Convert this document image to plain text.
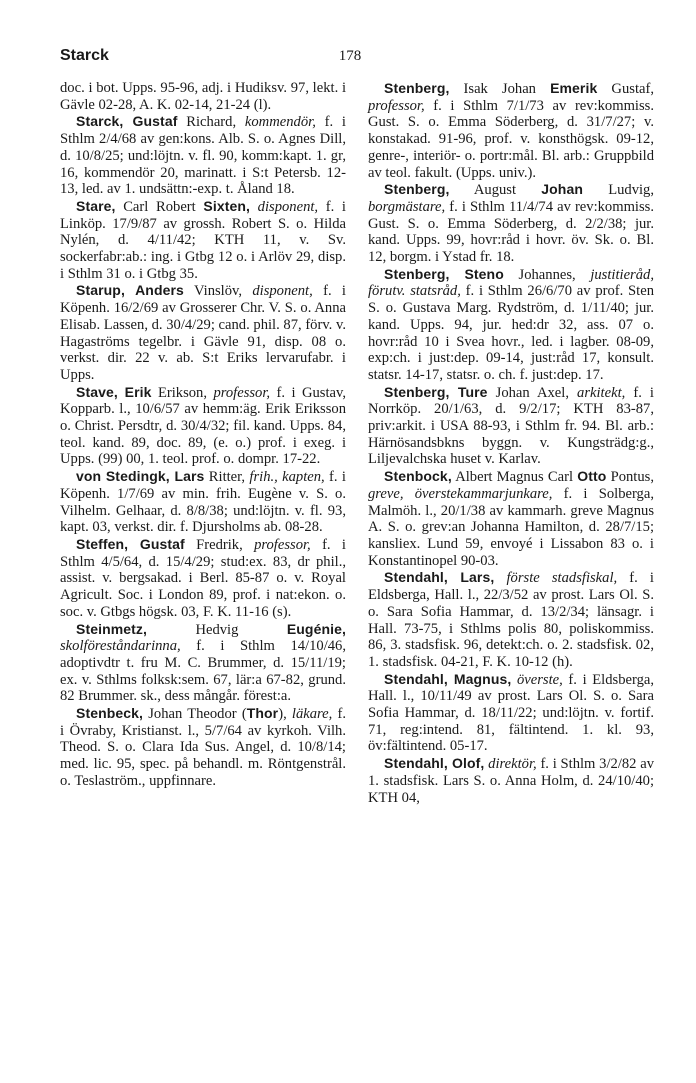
Starck	178

doc. i bot. Upps. 95-96, adj. i Hudiksv. 97, lekt. i Gävle 02-28, A. K. 02-14, 21-24 (l).

Starck, Gustaf Richard, kommendör, f. i Sthlm 2/4/68 av gen:kons. Alb. S. o. Agnes Dill, d. 10/8/25; und:löjtn. v. fl. 90, komm:kapt. 1. gr, 16, kommendör 20, marinatt. i S:t Petersb. 12-13, led. av 1. undsättn:-exp. t. Åland 18.

Stare, Carl Robert Sixten, disponent, f. i Linköp. 17/9/87 av grossh. Robert S. o. Hilda Nylén, d. 4/11/42; KTH 11, v. Sv. sockerfabr:ab.: ing. i Gtbg 12 o. i Arlöv 29, disp. i Sthlm 31 o. i Gtbg 35.

Starup, Anders Vinslöv, disponent, f. i Köpenh. 16/2/69 av Grosserer Chr. V. S. o. Anna Elisab. Lassen, d. 30/4/29; cand. phil. 87, förv. v. Hagaströms tegelbr. i Gävle 91, disp. 08 o. verkst. dir. 22 v. ab. S:t Eriks lervarufabr. i Upps.

Stave, Erik Erikson, professor, f. i Gustav, Kopparb. l., 10/6/57 av hemm:äg. Erik Eriksson o. Christ. Persdtr, d. 30/4/32; fil. kand. Upps. 84, teol. kand. 89, doc. 89, (e. o.) prof. i exeg. i Upps. (99) 00, 1. teol. prof. o. dompr. 17-22.

von Stedingk, Lars Ritter, frih., kapten, f. i Köpenh. 1/7/69 av min. frih. Eugène v. S. o. Vilhelm. Gelhaar, d. 8/8/38; und:löjtn. v. fl. 93, kapt. 03, verkst. dir. f. Djursholms ab. 08-28.

Steffen, Gustaf Fredrik, professor, f. i Sthlm 4/5/64, d. 15/4/29; stud:ex. 83, dr phil., assist. v. bergsakad. i Berl. 85-87 o. v. Royal Agricult. Soc. i London 89, prof. i nat:ekon. o. soc. v. Gtbgs högsk. 03, F. K. 11-16 (s).

Steinmetz, Hedvig Eugénie, skolföreståndarinna, f. i Sthlm 14/10/46, adoptivdtr t. fru M. C. Brummer, d. 15/11/19; ex. v. Sthlms folksk:sem. 67, lär:a 67-82, grund. 82 Brummer. sk., dess mångår. förest:a.

Stenbeck, Johan Theodor (Thor), läkare, f. i Övraby, Kristianst. l., 5/7/64 av kyrkoh. Vilh. Theod. S. o. Clara Ida Sus. Angel, d. 10/8/14; med. lic. 95, spec. på behandl. m. Röntgenstrål. o. Teslaström., uppfinnare.

Stenberg, Isak Johan Emerik Gustaf, professor, f. i Sthlm 7/1/73 av rev:kommiss. Gust. S. o. Emma Söderberg, d. 31/7/27; v. konstakad. 91-96, prof. v. konsthögsk. 09-12, genre-, interiör- o. portr:mål. Bl. arb.: Gruppbild av teol. fakult. (Upps. univ.).

Stenberg, August Johan Ludvig, borgmästare, f. i Sthlm 11/4/74 av rev:kommiss. Gust. S. o. Emma Söderberg, d. 2/2/38; jur. kand. Upps. 99, hovr:råd i hovr. öv. Sk. o. Bl. 12, borgm. i Ystad fr. 18.

Stenberg, Steno Johannes, justitieråd, förutv. statsråd, f. i Sthlm 26/6/70 av prof. Sten S. o. Gustava Marg. Rydström, d. 1/11/40; jur. kand. Upps. 94, jur. hed:dr 32, ass. 07 o. hovr:råd 10 i Svea hovr., led. i lagber. 08-09, exp:ch. i just:dep. 09-14, just:råd 17, konsult. statsr. 14-17, statsr. o. ch. f. just:dep. 17.

Stenberg, Ture Johan Axel, arkitekt, f. i Norrköp. 20/1/63, d. 9/2/17; KTH 83-87, priv:arkit. i USA 88-93, i Sthlm fr. 94. Bl. arb.: Härnösandsbkns byggn. v. Kungsträdg:g., Liljevalchska huset v. Karlav.

Stenbock, Albert Magnus Carl Otto Pontus, greve, överstekammarjunkare, f. i Solberga, Malmöh. l., 20/1/38 av kammarh. greve Magnus A. S. o. grev:an Johanna Hamilton, d. 28/7/15; kansliex. Lund 59, envoyé i Lissabon 83 o. i Konstantinopel 90-03.

Stendahl, Lars, förste stadsfiskal, f. i Eldsberga, Hall. l., 22/3/52 av prost. Lars Ol. S. o. Sara Sofia Hammar, d. 13/2/34; länsagr. i Hall. 73-75, i Sthlms polis 80, poliskommiss. 86, 3. stadsfisk. 96, detekt:ch. o. 2. stadsfisk. 02, 1. stadsfisk. 04-21, F. K. 10-12 (h).

Stendahl, Magnus, överste, f. i Eldsberga, Hall. l., 10/11/49 av prost. Lars Ol. S. o. Sara Sofia Hammar, d. 18/11/22; und:löjtn. v. fortif. 71, reg:intend. 81, fältintend. 1. kl. 93, öv:fältintend. 05-17.

Stendahl, Olof, direktör, f. i Sthlm 3/2/82 av 1. stadsfisk. Lars S. o. Anna Holm, d. 24/10/40; KTH 04,
